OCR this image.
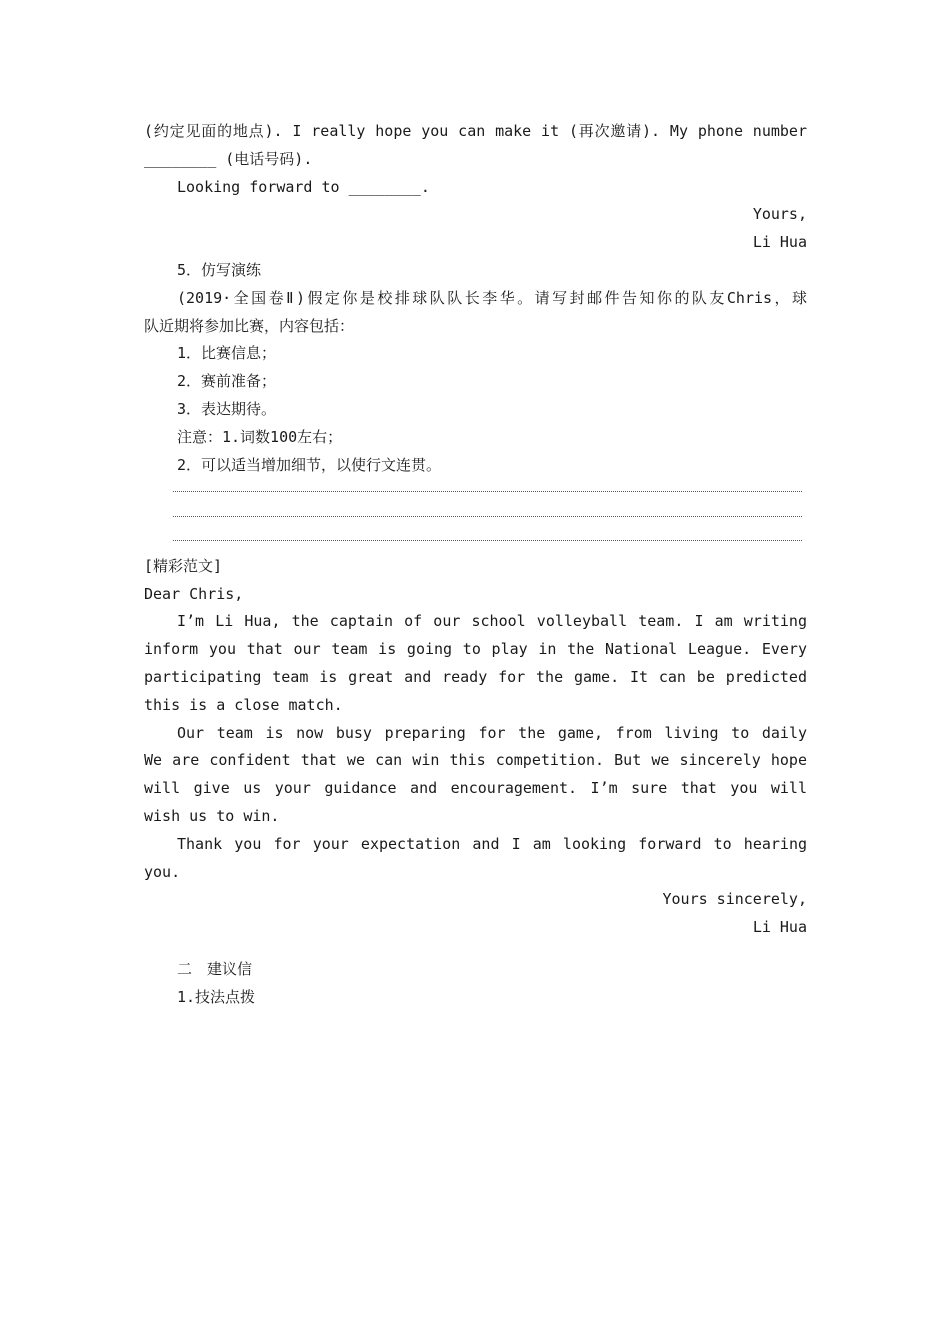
(约定见面的地点). I really hope you can make it (再次邀请). My phone number
________ (电话号码).
Looking forward to ________.
Yours,
Li Hua
5．仿写演练
(2019·全国卷Ⅱ)假定你是校排球队队长李华。请写封邮件告知你的队友Chris，球
队近期将参加比赛，内容包括：
1．比赛信息；
2．赛前准备；
3．表达期待。
注意：1.词数100左右；
2．可以适当增加细节，以使行文连贯。
[精彩范文]
Dear Chris,
I’m Li Hua, the captain of our school volleyball team. I am writing
inform you that our team is going to play in the National League. Every
participating team is great and ready for the game. It can be predicted
this is a close match.
Our team is now busy preparing for the game, from living to daily
We are confident that we can win this competition. But we sincerely hope
will give us your guidance and encouragement. I’m sure that you will
wish us to win.
Thank you for your expectation and I am looking forward to hearing
you.
Yours sincerely,
Li Hua
二　建议信
1.技法点拨
